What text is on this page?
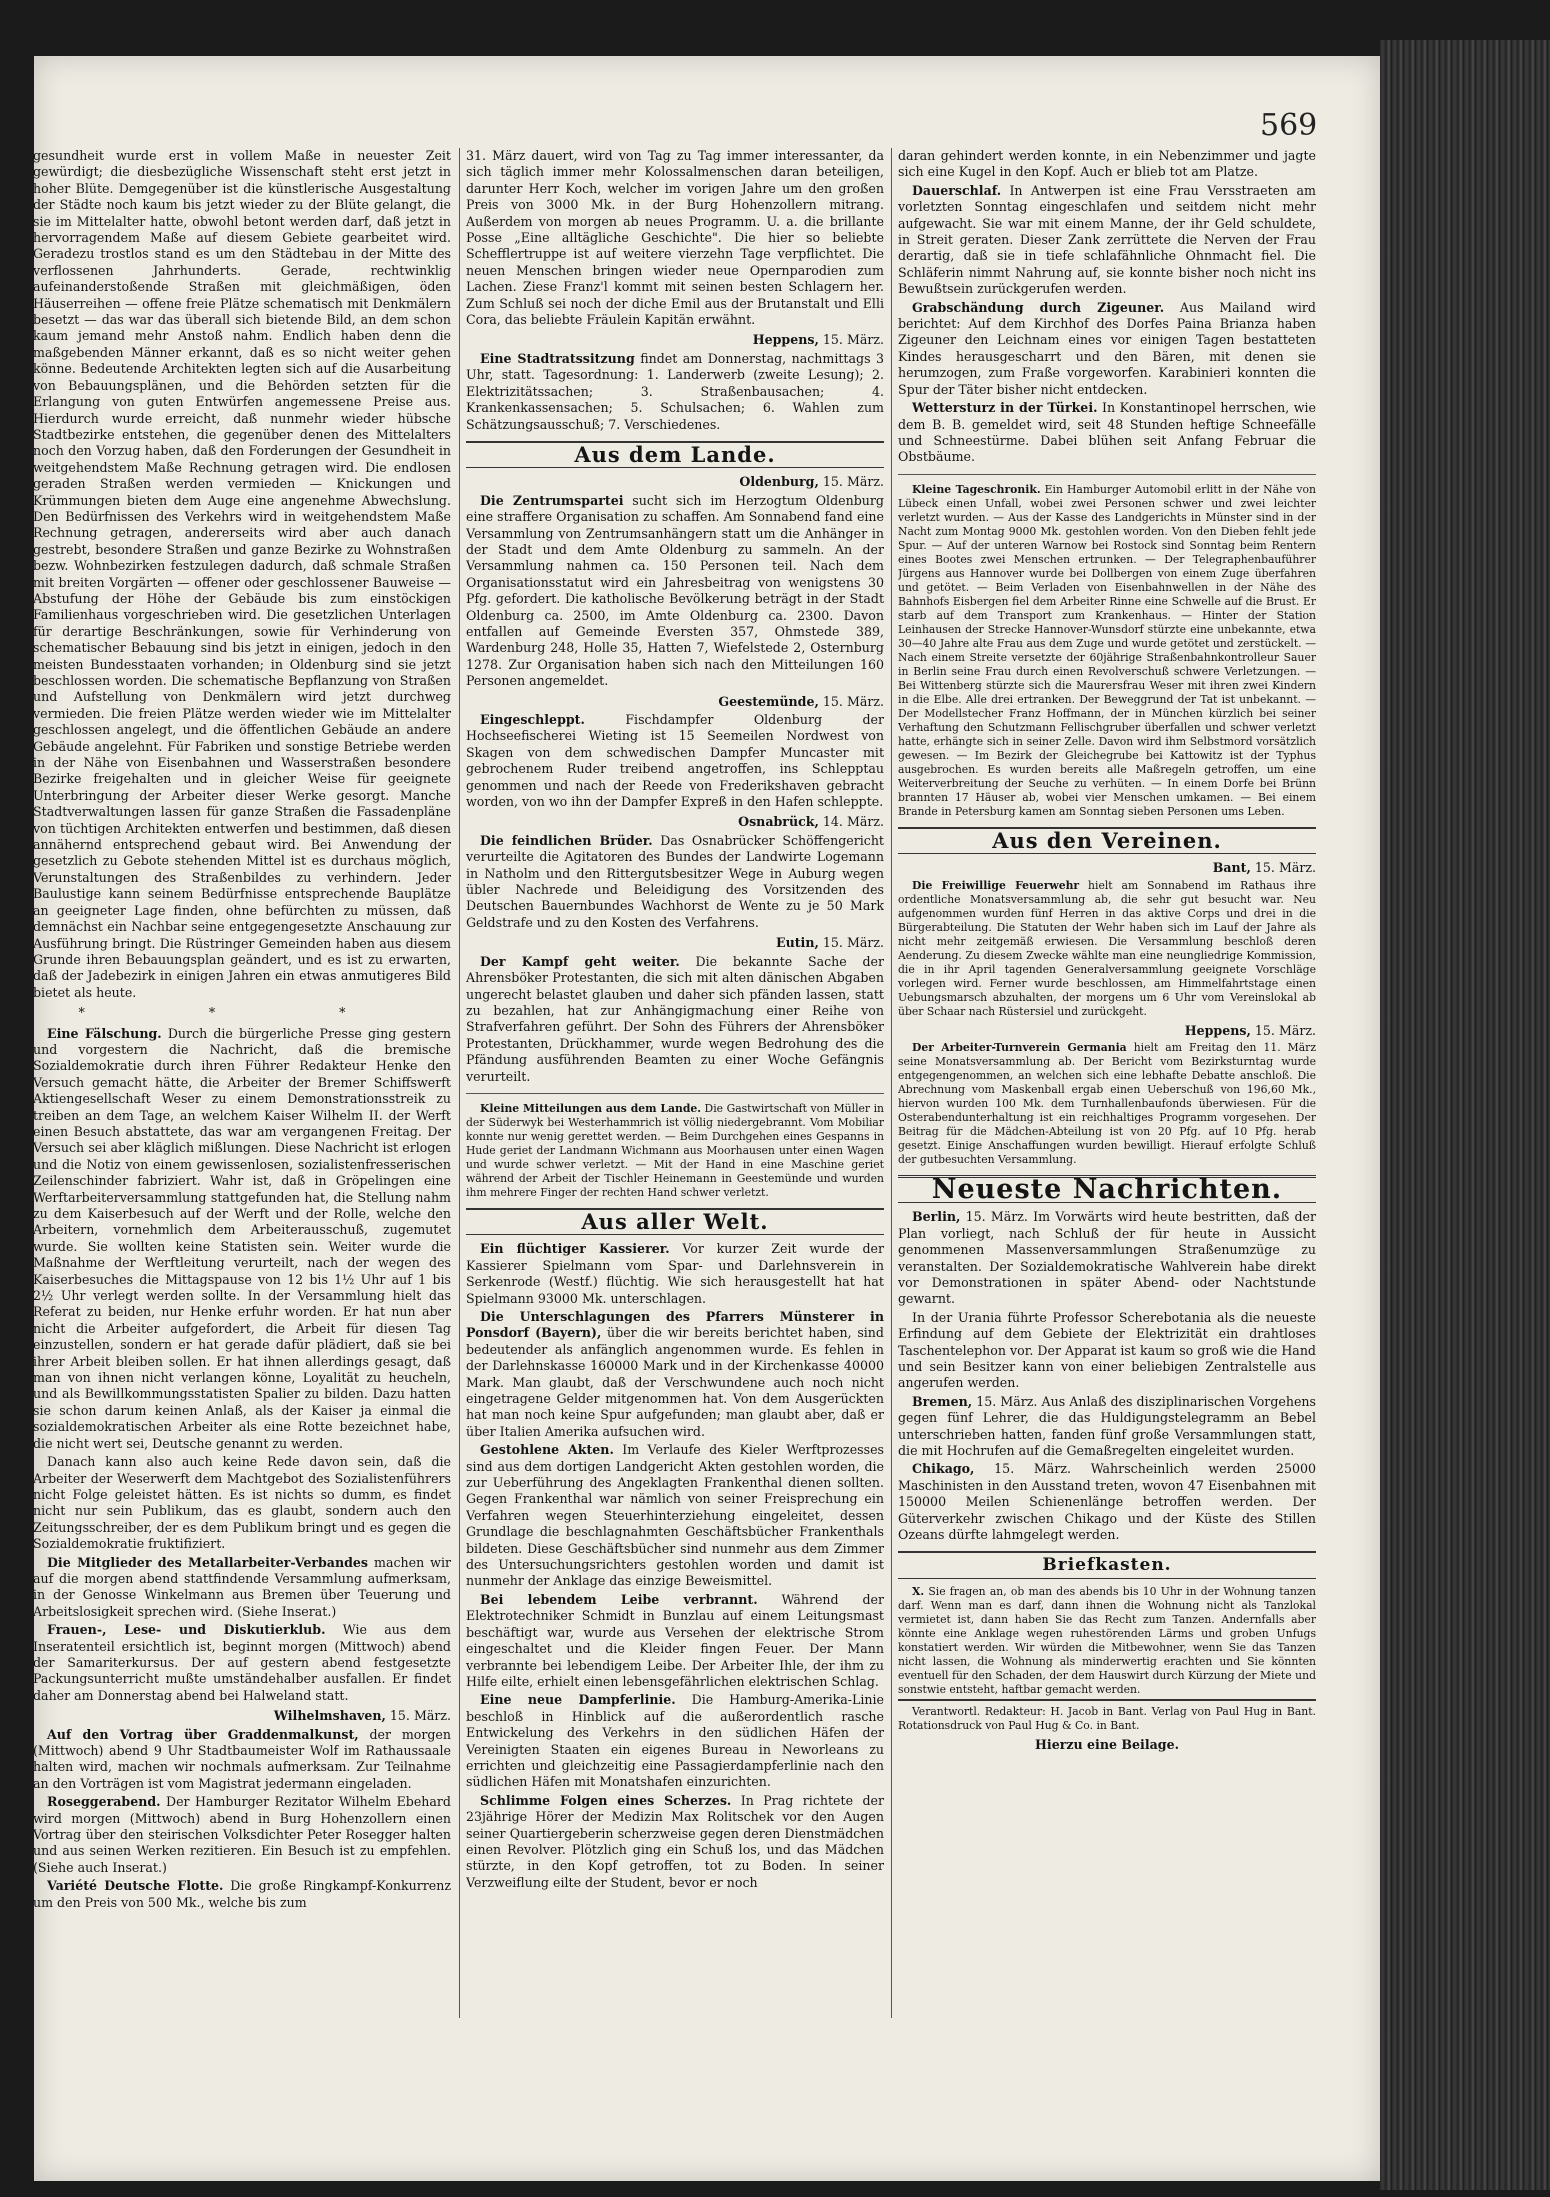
569

gesundheit wurde erst in vollem Maße in neuester Zeit gewürdigt; die diesbezügliche Wissenschaft steht erst jetzt in hoher Blüte. Demgegenüber ist die künstlerische Ausgestaltung der Städte noch kaum bis jetzt wieder zu der Blüte gelangt, die sie im Mittelalter hatte, obwohl betont werden darf, daß jetzt in hervorragendem Maße auf diesem Gebiete gearbeitet wird. Geradezu trostlos stand es um den Städtebau in der Mitte des verflossenen Jahrhunderts. Gerade, rechtwinklig aufeinanderstoßende Straßen mit gleichmäßigen, öden Häuserreihen — offene freie Plätze schematisch mit Denkmälern besetzt — das war das überall sich bietende Bild, an dem schon kaum jemand mehr Anstoß nahm. Endlich haben denn die maßgebenden Männer erkannt, daß es so nicht weiter gehen könne. Bedeutende Architekten legten sich auf die Ausarbeitung von Bebauungsplänen, und die Behörden setzten für die Erlangung von guten Entwürfen angemessene Preise aus. Hierdurch wurde erreicht, daß nunmehr wieder hübsche Stadtbezirke entstehen, die gegenüber denen des Mittelalters noch den Vorzug haben, daß den Forderungen der Gesundheit in weitgehendstem Maße Rechnung getragen wird. Die endlosen geraden Straßen werden vermieden — Knickungen und Krümmungen bieten dem Auge eine angenehme Abwechslung. Den Bedürfnissen des Verkehrs wird in weitgehendstem Maße Rechnung getragen, andererseits wird aber auch danach gestrebt, besondere Straßen und ganze Bezirke zu Wohnstraßen bezw. Wohnbezirken festzulegen dadurch, daß schmale Straßen mit breiten Vorgärten — offener oder geschlossener Bauweise — Abstufung der Höhe der Gebäude bis zum einstöckigen Familienhaus vorgeschrieben wird. Die gesetzlichen Unterlagen für derartige Beschränkungen, sowie für Verhinderung von schematischer Bebauung sind bis jetzt in einigen, jedoch in den meisten Bundesstaaten vorhanden; in Oldenburg sind sie jetzt beschlossen worden. Die schematische Bepflanzung von Straßen und Aufstellung von Denkmälern wird jetzt durchweg vermieden. Die freien Plätze werden wieder wie im Mittelalter geschlossen angelegt, und die öffentlichen Gebäude an andere Gebäude angelehnt. Für Fabriken und sonstige Betriebe werden in der Nähe von Eisenbahnen und Wasserstraßen besondere Bezirke freigehalten und in gleicher Weise für geeignete Unterbringung der Arbeiter dieser Werke gesorgt. Manche Stadtverwaltungen lassen für ganze Straßen die Fassadenpläne von tüchtigen Architekten entwerfen und bestimmen, daß diesen annähernd entsprechend gebaut wird. Bei Anwendung der gesetzlich zu Gebote stehenden Mittel ist es durchaus möglich, Verunstaltungen des Straßenbildes zu verhindern. Jeder Baulustige kann seinem Bedürfnisse entsprechende Bauplätze an geeigneter Lage finden, ohne befürchten zu müssen, daß demnächst ein Nachbar seine entgegengesetzte Anschauung zur Ausführung bringt. Die Rüstringer Gemeinden haben aus diesem Grunde ihren Bebauungsplan geändert, und es ist zu erwarten, daß der Jadebezirk in einigen Jahren ein etwas anmutigeres Bild bietet als heute.

* * *

Eine Fälschung. Durch die bürgerliche Presse ging gestern und vorgestern die Nachricht, daß die bremische Sozialdemokratie durch ihren Führer Redakteur Henke den Versuch gemacht hätte, die Arbeiter der Bremer Schiffswerft Aktiengesellschaft Weser zu einem Demonstrationsstreik zu treiben an dem Tage, an welchem Kaiser Wilhelm II. der Werft einen Besuch abstattete, das war am vergangenen Freitag. Der Versuch sei aber kläglich mißlungen. Diese Nachricht ist erlogen und die Notiz von einem gewissenlosen, sozialistenfresserischen Zeilenschinder fabriziert. Wahr ist, daß in Gröpelingen eine Werftarbeiterversammlung stattgefunden hat, die Stellung nahm zu dem Kaiserbesuch auf der Werft und der Rolle, welche den Arbeitern, vornehmlich dem Arbeiterausschuß, zugemutet wurde. Sie wollten keine Statisten sein. Weiter wurde die Maßnahme der Werftleitung verurteilt, nach der wegen des Kaiserbesuches die Mittagspause von 12 bis 1½ Uhr auf 1 bis 2½ Uhr verlegt werden sollte. In der Versammlung hielt das Referat zu beiden, nur Henke erfuhr worden. Er hat nun aber nicht die Arbeiter aufgefordert, die Arbeit für diesen Tag einzustellen, sondern er hat gerade dafür plädiert, daß sie bei ihrer Arbeit bleiben sollen. Er hat ihnen allerdings gesagt, daß man von ihnen nicht verlangen könne, Loyalität zu heucheln, und als Bewillkommungsstatisten Spalier zu bilden. Dazu hatten sie schon darum keinen Anlaß, als der Kaiser ja einmal die sozialdemokratischen Arbeiter als eine Rotte bezeichnet habe, die nicht wert sei, Deutsche genannt zu werden.

Danach kann also auch keine Rede davon sein, daß die Arbeiter der Weserwerft dem Machtgebot des Sozialistenführers nicht Folge geleistet hätten. Es ist nichts so dumm, es findet nicht nur sein Publikum, das es glaubt, sondern auch den Zeitungsschreiber, der es dem Publikum bringt und es gegen die Sozialdemokratie fruktifiziert.

Die Mitglieder des Metallarbeiter-Verbandes machen wir auf die morgen abend stattfindende Versammlung aufmerksam, in der Genosse Winkelmann aus Bremen über Teuerung und Arbeitslosigkeit sprechen wird. (Siehe Inserat.)

Frauen-, Lese- und Diskutierklub. Wie aus dem Inseratenteil ersichtlich ist, beginnt morgen (Mittwoch) abend der Samariterkursus. Der auf gestern abend festgesetzte Packungsunterricht mußte umständehalber ausfallen. Er findet daher am Donnerstag abend bei Halweland statt.

Wilhelmshaven, 15. März.

Auf den Vortrag über Graddenmalkunst, der morgen (Mittwoch) abend 9 Uhr Stadtbaumeister Wolf im Rathaussaale halten wird, machen wir nochmals aufmerksam. Zur Teilnahme an den Vorträgen ist vom Magistrat jedermann eingeladen.

Roseggerabend. Der Hamburger Rezitator Wilhelm Ebehard wird morgen (Mittwoch) abend in Burg Hohenzollern einen Vortrag über den steirischen Volksdichter Peter Rosegger halten und aus seinen Werken rezitieren. Ein Besuch ist zu empfehlen. (Siehe auch Inserat.)

Variété Deutsche Flotte. Die große Ringkampf-Konkurrenz um den Preis von 500 Mk., welche bis zum

31. März dauert, wird von Tag zu Tag immer interessanter, da sich täglich immer mehr Kolossalmenschen daran beteiligen, darunter Herr Koch, welcher im vorigen Jahre um den großen Preis von 3000 Mk. in der Burg Hohenzollern mitrang. Außerdem von morgen ab neues Programm. U. a. die brillante Posse „Eine alltägliche Geschichte". Die hier so beliebte Schefflertruppe ist auf weitere vierzehn Tage verpflichtet. Die neuen Menschen bringen wieder neue Opernparodien zum Lachen. Ziese Franz'l kommt mit seinen besten Schlagern her. Zum Schluß sei noch der diche Emil aus der Brutanstalt und Elli Cora, das beliebte Fräulein Kapitän erwähnt.

Heppens, 15. März.

Eine Stadtratssitzung findet am Donnerstag, nachmittags 3 Uhr, statt. Tagesordnung: 1. Landerwerb (zweite Lesung); 2. Elektrizitätssachen; 3. Straßenbausachen; 4. Krankenkassensachen; 5. Schulsachen; 6. Wahlen zum Schätzungsausschuß; 7. Verschiedenes.

Aus dem Lande.
Oldenburg, 15. März.

Die Zentrumspartei sucht sich im Herzogtum Oldenburg eine straffere Organisation zu schaffen. Am Sonnabend fand eine Versammlung von Zentrumsanhängern statt um die Anhänger in der Stadt und dem Amte Oldenburg zu sammeln. An der Versammlung nahmen ca. 150 Personen teil. Nach dem Organisationsstatut wird ein Jahresbeitrag von wenigstens 30 Pfg. gefordert. Die katholische Bevölkerung beträgt in der Stadt Oldenburg ca. 2500, im Amte Oldenburg ca. 2300. Davon entfallen auf Gemeinde Eversten 357, Ohmstede 389, Wardenburg 248, Holle 35, Hatten 7, Wiefelstede 2, Osternburg 1278. Zur Organisation haben sich nach den Mitteilungen 160 Personen angemeldet.

Geestemünde, 15. März.

Eingeschleppt.	Fischdampfer Oldenburg der Hochseefischerei Wieting ist 15 Seemeilen Nordwest von Skagen von dem schwedischen Dampfer Muncaster mit gebrochenem Ruder treibend angetroffen, ins Schlepptau genommen und nach der Reede von Frederikshaven gebracht worden, von wo ihn der Dampfer Expreß in den Hafen schleppte.

Osnabrück, 14. März.

Die feindlichen Brüder. Das Osnabrücker Schöffengericht verurteilte die Agitatoren des Bundes der Landwirte Logemann in Natholm und den Rittergutsbesitzer Wege in Auburg wegen übler Nachrede und Beleidigung des Vorsitzenden des Deutschen Bauernbundes Wachhorst de Wente zu je 50 Mark Geldstrafe und zu den Kosten des Verfahrens.

Eutin, 15. März.

Der Kampf geht weiter. Die bekannte Sache der Ahrensböker Protestanten, die sich mit alten dänischen Abgaben ungerecht belastet glauben und daher sich pfänden lassen, statt zu bezahlen, hat zur Anhängigmachung einer Reihe von Strafverfahren geführt. Der Sohn des Führers der Ahrensböker Protestanten, Drückhammer, wurde wegen Bedrohung des die Pfändung ausführenden Beamten zu einer Woche Gefängnis verurteilt.

Kleine Mitteilungen aus dem Lande. Die Gastwirtschaft von Müller in der Süderwyk bei Westerhammrich ist völlig niedergebrannt. Vom Mobiliar konnte nur wenig gerettet werden. — Beim Durchgehen eines Gespanns in Hude geriet der Landmann Wichmann aus Moorhausen unter einen Wagen und wurde schwer verletzt. — Mit der Hand in eine Maschine geriet während der Arbeit der Tischler Heinemann in Geestemünde und wurden ihm mehrere Finger der rechten Hand schwer verletzt.

Aus aller Welt.

Ein flüchtiger Kassierer. Vor kurzer Zeit wurde der Kassierer Spielmann vom Spar- und Darlehnsverein in Serkenrode (Westf.) flüchtig. Wie sich herausgestellt hat hat Spielmann 93000 Mk. unterschlagen.

Die Unterschlagungen des Pfarrers Münsterer in Ponsdorf (Bayern), über die wir bereits berichtet haben, sind bedeutender als anfänglich angenommen wurde. Es fehlen in der Darlehnskasse 160000 Mark und in der Kirchenkasse 40000 Mark. Man glaubt, daß der Verschwundene auch noch nicht eingetragene Gelder mitgenommen hat. Von dem Ausgerückten hat man noch keine Spur aufgefunden; man glaubt aber, daß er über Italien Amerika aufsuchen wird.

Gestohlene Akten. Im Verlaufe des Kieler Werftprozesses sind aus dem dortigen Landgericht Akten gestohlen worden, die zur Ueberführung des Angeklagten Frankenthal dienen sollten. Gegen Frankenthal war nämlich von seiner Freisprechung ein Verfahren wegen Steuerhinterziehung eingeleitet, dessen Grundlage die beschlagnahmten Geschäftsbücher Frankenthals bildeten. Diese Geschäftsbücher sind nunmehr aus dem Zimmer des Untersuchungsrichters gestohlen worden und damit ist nunmehr der Anklage das einzige Beweismittel.

Bei lebendem Leibe verbrannt. Während der Elektrotechniker Schmidt in Bunzlau auf einem Leitungsmast beschäftigt war, wurde aus Versehen der elektrische Strom eingeschaltet und die Kleider fingen Feuer. Der Mann verbrannte bei lebendigem Leibe. Der Arbeiter Ihle, der ihm zu Hilfe eilte, erhielt einen lebensgefährlichen elektrischen Schlag.

Eine neue Dampferlinie. Die Hamburg-Amerika-Linie beschloß in Hinblick auf die außerordentlich rasche Entwickelung des Verkehrs in den südlichen Häfen der Vereinigten Staaten ein eigenes Bureau in Neworleans zu errichten und gleichzeitig eine Passagierdampferlinie nach den südlichen Häfen mit Monatshafen einzurichten.

Schlimme Folgen eines Scherzes. In Prag richtete der 23jährige Hörer der Medizin Max Rolitschek vor den Augen seiner Quartiergeberin scherzweise gegen deren Dienstmädchen einen Revolver. Plötzlich ging ein Schuß los, und das Mädchen stürzte, in den Kopf getroffen, tot zu Boden. In seiner Verzweiflung eilte der Student, bevor er noch

daran gehindert werden konnte, in ein Nebenzimmer und jagte sich eine Kugel in den Kopf. Auch er blieb tot am Platze.

Dauerschlaf. In Antwerpen ist eine Frau Versstraeten am vorletzten Sonntag eingeschlafen und seitdem nicht mehr aufgewacht. Sie war mit einem Manne, der ihr Geld schuldete, in Streit geraten. Dieser Zank zerrüttete die Nerven der Frau derartig, daß sie in tiefe schlafähnliche Ohnmacht fiel. Die Schläferin nimmt Nahrung auf, sie konnte bisher noch nicht ins Bewußtsein zurückgerufen werden.

Grabschändung durch Zigeuner. Aus Mailand wird berichtet: Auf dem Kirchhof des Dorfes Paina Brianza haben Zigeuner den Leichnam eines vor einigen Tagen bestatteten Kindes herausgescharrt und den Bären, mit denen sie herumzogen, zum Fraße vorgeworfen. Karabinieri konnten die Spur der Täter bisher nicht entdecken.

Wettersturz in der Türkei. In Konstantinopel herrschen, wie dem B. B. gemeldet wird, seit 48 Stunden heftige Schneefälle und Schneestürme. Dabei blühen seit Anfang Februar die Obstbäume.

Kleine Tageschronik. Ein Hamburger Automobil erlitt in der Nähe von Lübeck einen Unfall, wobei zwei Personen schwer und zwei leichter verletzt wurden. — Aus der Kasse des Landgerichts in Münster sind in der Nacht zum Montag 9000 Mk. gestohlen worden. Von den Dieben fehlt jede Spur. — Auf der unteren Warnow bei Rostock sind Sonntag beim Rentern eines Bootes zwei Menschen ertrunken. — Der Telegraphenbauführer Jürgens aus Hannover wurde bei Dollbergen von einem Zuge überfahren und getötet. — Beim Verladen von Eisenbahnwellen in der Nähe des Bahnhofs Eisbergen fiel dem Arbeiter Rinne eine Schwelle auf die Brust. Er starb auf dem Transport zum Krankenhaus. — Hinter der Station Leinhausen der Strecke Hannover-Wunsdorf stürzte eine unbekannte, etwa 30—40 Jahre alte Frau aus dem Zuge und wurde getötet und zerstückelt. — Nach einem Streite versetzte der 60jährige Straßenbahnkontrolleur Sauer in Berlin seine Frau durch einen Revolverschuß schwere Verletzungen. — Bei Wittenberg stürzte sich die Maurersfrau Weser mit ihren zwei Kindern in die Elbe. Alle drei ertranken. Der Beweggrund der Tat ist unbekannt. — Der Modellstecher Franz Hoffmann, der in München kürzlich bei seiner Verhaftung den Schutzmann Fellischgruber überfallen und schwer verletzt hatte, erhängte sich in seiner Zelle. Davon wird ihm Selbstmord vorsätzlich gewesen. — Im Bezirk der Gleichegrube bei Kattowitz ist der Typhus ausgebrochen. Es wurden bereits alle Maßregeln getroffen, um eine Weiterverbreitung der Seuche zu verhüten. — In einem Dorfe bei Brünn brannten 17 Häuser ab, wobei vier Menschen umkamen. — Bei einem Brande in Petersburg kamen am Sonntag sieben Personen ums Leben.

Aus den Vereinen.
Bant, 15. März.

Die Freiwillige Feuerwehr hielt am Sonnabend im Rathaus ihre ordentliche Monatsversammlung ab, die sehr gut besucht war. Neu aufgenommen wurden fünf Herren in das aktive Corps und drei in die Bürgerabteilung. Die Statuten der Wehr haben sich im Lauf der Jahre als nicht mehr zeitgemäß erwiesen. Die Versammlung beschloß deren Aenderung. Zu diesem Zwecke wählte man eine neungliedrige Kommission, die in ihr April tagenden Generalversammlung geeignete Vorschläge vorlegen wird. Ferner wurde beschlossen, am Himmelfahrtstage einen Uebungsmarsch abzuhalten, der morgens um 6 Uhr vom Vereinslokal ab über Schaar nach Rüstersiel und zurückgeht.

Heppens, 15. März.

Der Arbeiter-Turnverein Germania hielt am Freitag den 11. März seine Monatsversammlung ab. Der Bericht vom Bezirksturntag wurde entgegengenommen, an welchen sich eine lebhafte Debatte anschloß. Die Abrechnung vom Maskenball ergab einen Ueberschuß von 196,60 Mk., hiervon wurden 100 Mk. dem Turnhallenbaufonds überwiesen. Für die Osterabendunterhaltung ist ein reichhaltiges Programm vorgesehen. Der Beitrag für die Mädchen-Abteilung ist von 20 Pfg. auf 10 Pfg. herab gesetzt. Einige Anschaffungen wurden bewilligt. Hierauf erfolgte Schluß der gutbesuchten Versammlung.

Neueste Nachrichten.

Berlin, 15. März. Im Vorwärts wird heute bestritten, daß der Plan vorliegt, nach Schluß der für heute in Aussicht genommenen Massenversammlungen Straßenumzüge zu veranstalten. Der Sozialdemokratische Wahlverein habe direkt vor Demonstrationen in später Abend- oder Nachtstunde gewarnt.

In der Urania führte Professor Scherebotania als die neueste Erfindung auf dem Gebiete der Elektrizität ein drahtloses Taschentelephon vor. Der Apparat ist kaum so groß wie die Hand und sein Besitzer kann von einer beliebigen Zentralstelle aus angerufen werden.

Bremen, 15. März. Aus Anlaß des disziplinarischen Vorgehens gegen fünf Lehrer, die das Huldigungstelegramm an Bebel unterschrieben hatten, fanden fünf große Versammlungen statt, die mit Hochrufen auf die Gemaßregelten eingeleitet wurden.

Chikago, 15. März. Wahrscheinlich werden 25000 Maschinisten in den Ausstand treten, wovon 47 Eisenbahnen mit 150000 Meilen Schienenlänge betroffen werden. Der Güterverkehr zwischen Chikago und der Küste des Stillen Ozeans dürfte lahmgelegt werden.

Briefkasten.

X. Sie fragen an, ob man des abends bis 10 Uhr in der Wohnung tanzen darf. Wenn man es darf, dann ihnen die Wohnung nicht als Tanzlokal vermietet ist, dann haben Sie das Recht zum Tanzen. Andernfalls aber könnte eine Anklage wegen ruhestörenden Lärms und groben Unfugs konstatiert werden. Wir würden die Mitbewohner, wenn Sie das Tanzen nicht lassen, die Wohnung als minderwertig erachten und Sie könnten eventuell für den Schaden, der dem Hauswirt durch Kürzung der Miete und sonstwie entsteht, haftbar gemacht werden.

Verantwortl. Redakteur: H. Jacob in Bant. Verlag von Paul Hug in Bant. Rotationsdruck von Paul Hug & Co. in Bant.

Hierzu eine Beilage.
